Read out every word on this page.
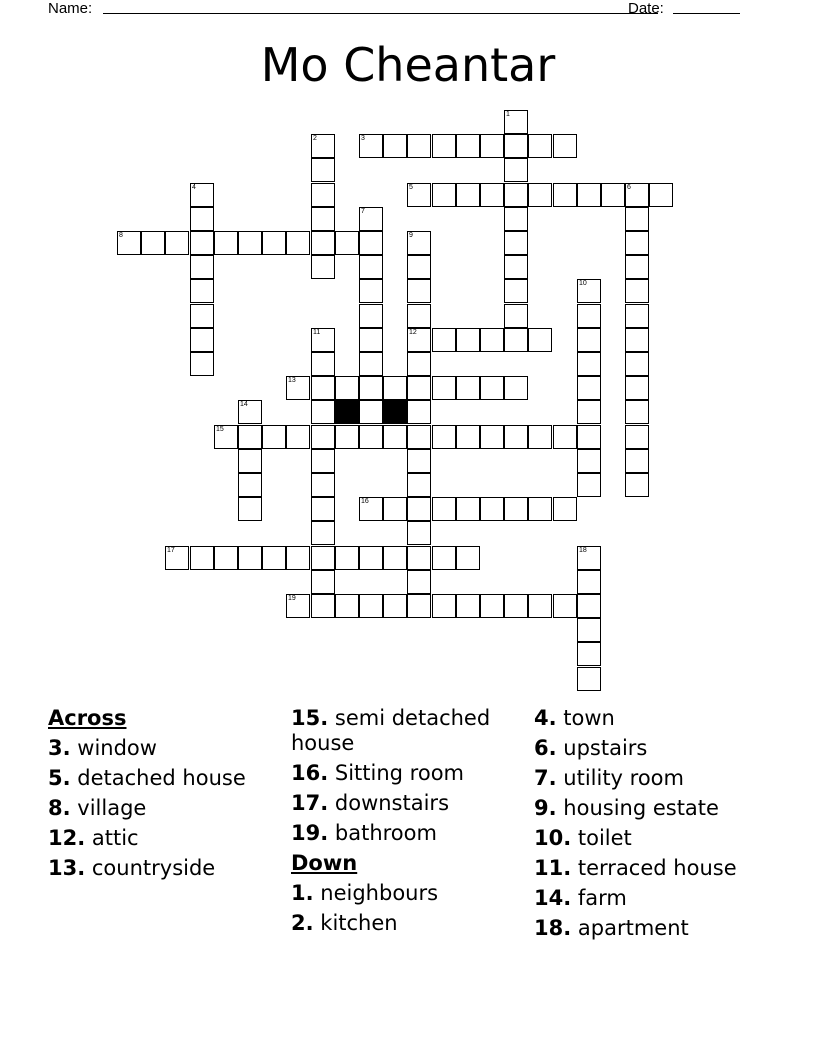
Name:	Date:
Mo Cheantar
1
2	3
4	5	6
7
8	9
10
11	12
13
14
15
16
17	18
19
Across
3. window
5. detached house
8. village
12. attic
13. countryside
15. semi detached house
16. Sitting room
17. downstairs
19. bathroom
Down
1. neighbours
2. kitchen
4. town
6. upstairs
7. utility room
9. housing estate
10. toilet
11. terraced house
14. farm
18. apartment
